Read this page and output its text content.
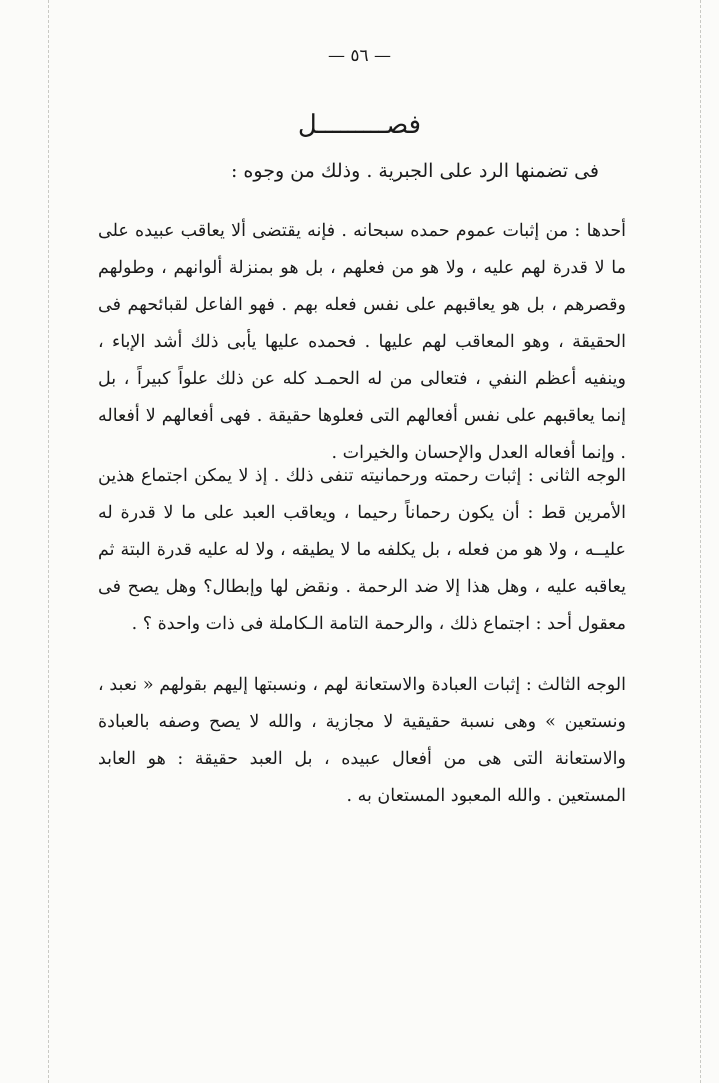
— ٥٦ —
فصـــــــــل
فى تضمنها الرد على الجبرية . وذلك من وجوه :

أحدها : من إثبات عموم حمده سبحانه . فإنه يقتضى ألا يعاقب عبيده على ما لا قدرة لهم عليه ، ولا هو من فعلهم ، بل هو بمنزلة ألوانهم ، وطولهم وقصرهم ، بل هو يعاقبهم على نفس فعله بهم . فهو الفاعل لقبائحهم فى الحقيقة ، وهو المعاقب لهم عليها . فحمده عليها يأبى ذلك أشد الإباء ، وينفيه أعظم النفي ، فتعالى من له الحمـد كله عن ذلك علواً كبيراً ، بل إنما يعاقبهم على نفس أفعالهم التى فعلوها حقيقة . فهى أفعالهم لا أفعاله . وإنما أفعاله العدل والإحسان والخيرات .

الوجه الثانى : إثبات رحمته ورحمانيته تنفى ذلك . إذ لا يمكن اجتماع هذين الأمرين قط : أن يكون رحماناً رحيما ، ويعاقب العبد على ما لا قدرة له عليــه ، ولا هو من فعله ، بل يكلفه ما لا يطيقه ، ولا له عليه قدرة البتة ثم يعاقبه عليه ، وهل هذا إلا ضد الرحمة . ونقض لها وإبطال؟ وهل يصح فى معقول أحد : اجتماع ذلك ، والرحمة التامة الـكاملة فى ذات واحدة ؟ .

الوجه الثالث : إثبات العبادة والاستعانة لهم ، ونسبتها إليهم بقولهم « نعبد ، ونستعين » وهى نسبة حقيقية لا مجازية ، والله لا يصح وصفه بالعبادة والاستعانة التى هى من أفعال عبيده ، بل العبد حقيقة : هو العابد المستعين . والله المعبود المستعان به .
